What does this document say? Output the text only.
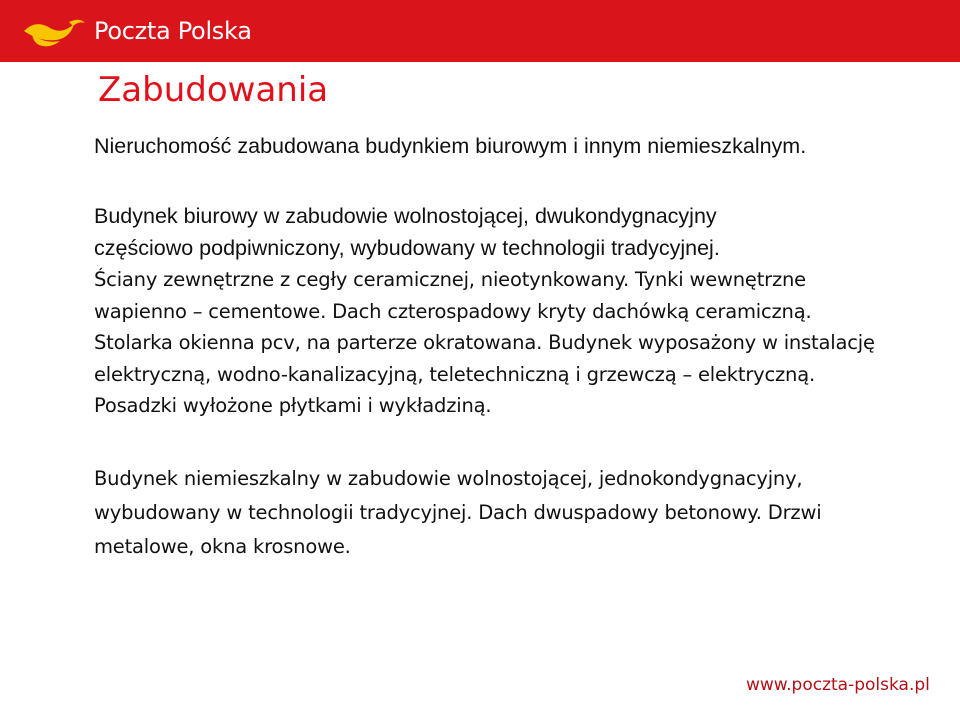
Poczta Polska
Zabudowania

Nieruchomość zabudowana budynkiem biurowym i innym niemieszkalnym.

Budynek biurowy w zabudowie wolnostojącej, dwukondygnacyjny
częściowo podpiwniczony, wybudowany w technologii tradycyjnej.
Ściany zewnętrzne z cegły ceramicznej, nieotynkowany. Tynki wewnętrzne wapienno – cementowe. Dach czterospadowy kryty dachówką ceramiczną. Stolarka okienna pcv, na parterze okratowana. Budynek wyposażony w instalację elektryczną, wodno-kanalizacyjną, teletechniczną i grzewczą – elektryczną. Posadzki wyłożone płytkami i wykładziną.

Budynek niemieszkalny w zabudowie wolnostojącej, jednokondygnacyjny, wybudowany w technologii tradycyjnej. Dach dwuspadowy betonowy. Drzwi metalowe, okna krosnowe.

www.poczta-polska.pl
